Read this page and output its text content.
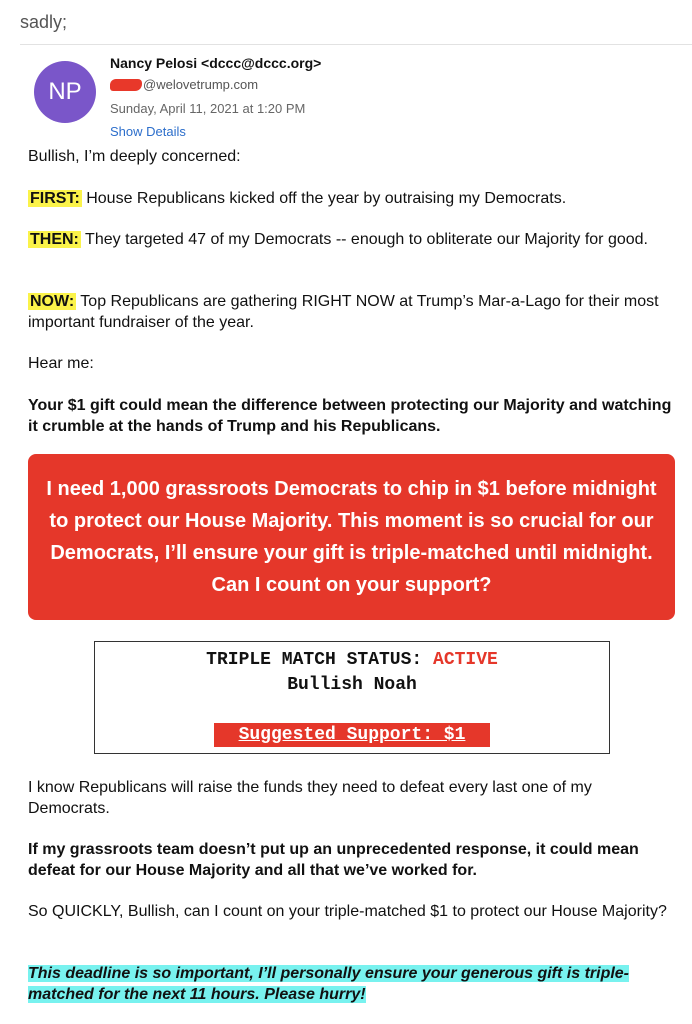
sadly;
NP
Nancy Pelosi <dccc@dccc.org>
@welovetrump.com
Sunday, April 11, 2021 at 1:20 PM
Show Details
Bullish, I’m deeply concerned:
FIRST: House Republicans kicked off the year by outraising my Democrats.
THEN: They targeted 47 of my Democrats -- enough to obliterate our Majority for good.
NOW: Top Republicans are gathering RIGHT NOW at Trump’s Mar-a-Lago for their most important fundraiser of the year.
Hear me:
Your $1 gift could mean the difference between protecting our Majority and watching it crumble at the hands of Trump and his Republicans.

I need 1,000 grassroots Democrats to chip in $1 before midnight to protect our House Majority. This moment is so crucial for our Democrats, I’ll ensure your gift is triple-matched until midnight. Can I count on your support?

TRIPLE MATCH STATUS: ACTIVE
Bullish Noah
Suggested Support: $1
I know Republicans will raise the funds they need to defeat every last one of my Democrats.
If my grassroots team doesn’t put up an unprecedented response, it could mean defeat for our House Majority and all that we’ve worked for.
So QUICKLY, Bullish, can I count on your triple-matched $1 to protect our House Majority?
This deadline is so important, I’ll personally ensure your generous gift is triple-matched for the next 11 hours. Please hurry!
